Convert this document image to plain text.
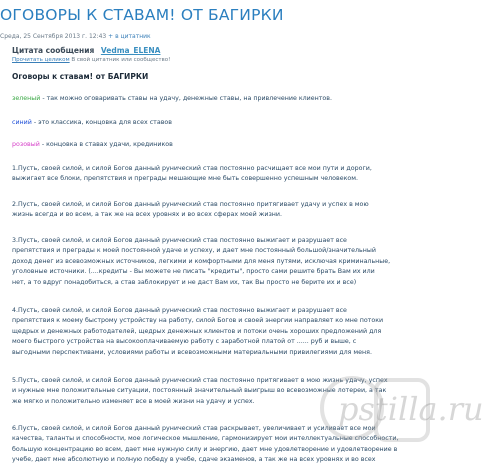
ОГОВОРЫ К СТАВАМ! ОТ БАГИРКИ
Среда, 25 Сентября 2013 г. 12:43 + в цитатник
Цитата сообщения Vedma_ELENA
Прочитать целиком В свой цитатник или сообщество!
Оговоры к ставам! от БАГИРКИ
зеленый - так можно оговаривать ставы на удачу, денежные ставы, на привлечение клиентов.
синий - это классика, концовка для всех ставов
розовый - концовка в ставах удачи, кредиников
1.Пусть, своей силой, и силой Богов данный рунический став постоянно расчищает все мои пути и дороги,
выжигает все блоки, препятствия и преграды мешающие мне быть совершенно успешным человеком.
2.Пусть, своей силой, и силой Богов данный рунический став постоянно притягивает удачу и успех в мою
жизнь всегда и во всем, а так же на всех уровнях и во всех сферах моей жизни.
3.Пусть, своей силой, и силой Богов данный рунический став постоянно выжигает и разрушает все
препятствия и преграды к моей постоянной удаче и успеху, и дает мне постоянный большой/значительный
доход денег из всевозможных источников, легкими и комфортными для меня путями, исключая криминальные,
уголовные источники. (....кредиты - Вы можете не писать "кредиты", просто сами решите брать Вам их или
нет, а то вдруг понадобиться, а став заблокирует и не даст Вам их, так Вы просто не берите их и все)
4.Пусть, своей силой, и силой Богов данный рунический став постоянно выжигает и разрушает все
препятствия к моему быстрому устройству на работу, силой Богов и своей энергии направляет ко мне потоки
щедрых и денежных работодателей, щедрых денежных клиентов и потоки очень хороших предложений для
моего быстрого устройства на высокооплачиваемую работу с заработной платой от ...... руб и выше, с
выгодными перспективами, условиями работы и всевозможными материальными привилегиями для меня.
5.Пусть, своей силой, и силой Богов данный рунический став постоянно притягивает в мою жизнь удачу, успех
и нужные мне положительные ситуации, постоянный значительный выигрыш во всевозможные лотереи, а так
же мягко и положительно изменяет все в моей жизни на удачу и успех.
6.Пусть, своей силой, и силой Богов данный рунический став раскрывает, увеличивает и усиливает все мои
качества, таланты и способности, мое логическое мышление, гармонизирует мои интеллектуальные способности,
большую концентрацию во всем, дает мне нужную силу и энергию, дает мне удовлетворение и удовлетворение в
учебе, дает мне абсолютную и полную победу в учебе, сдаче экзаменов, а так же на всех уровнях и во всех
pstilla.ru
